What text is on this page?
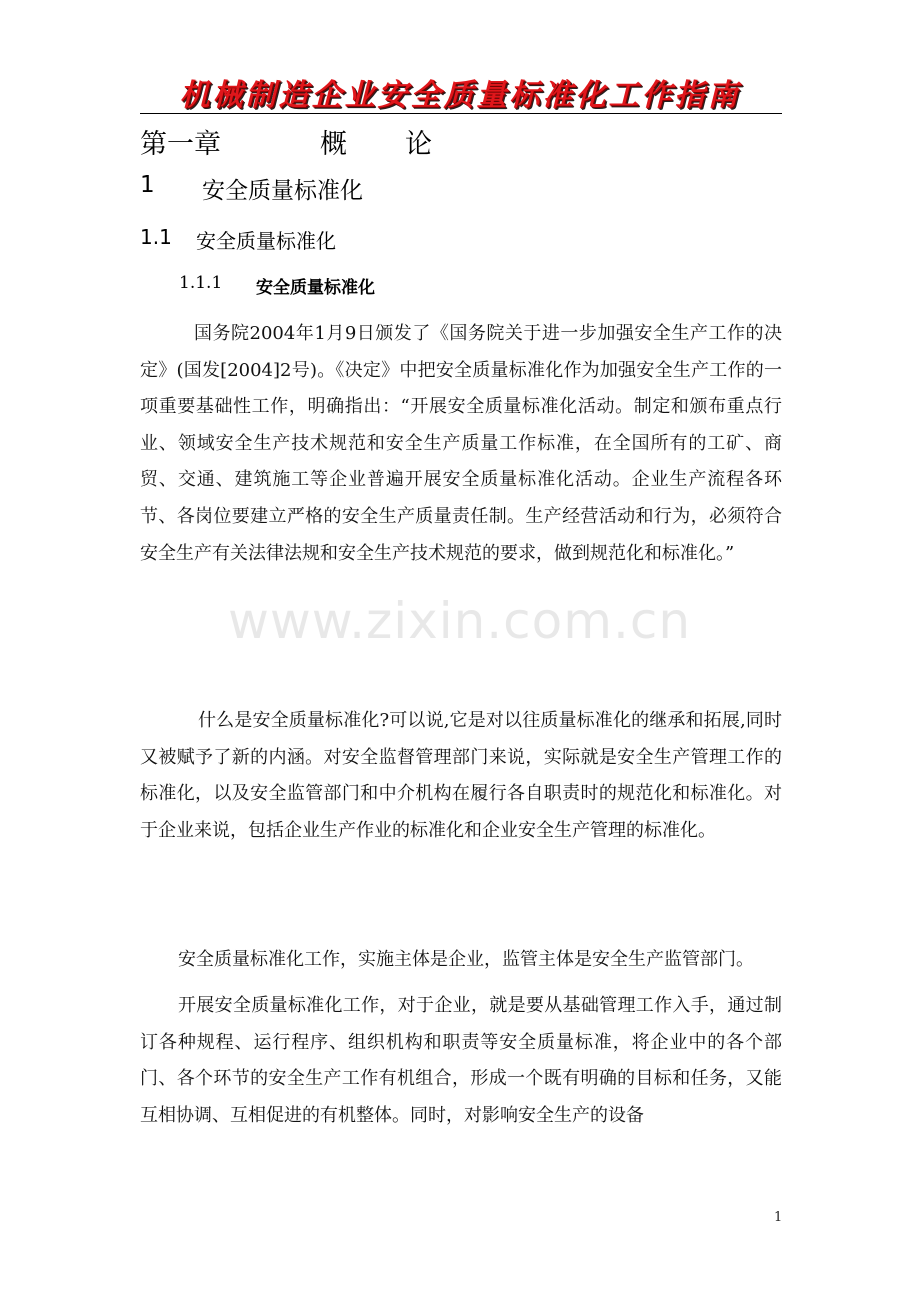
机械制造企业安全质量标准化工作指南
第一章	概论
1	安全质量标准化
1.1	安全质量标准化
1.1.1	安全质量标准化
www.zixin.com.cn

国务院2004年1月9日颁发了《国务院关于进一步加强安全生产工作的决定》(国发[2004]2号)。《决定》中把安全质量标准化作为加强安全生产工作的一项重要基础性工作，明确指出：“开展安全质量标准化活动。制定和颁布重点行业、领域安全生产技术规范和安全生产质量工作标准，在全国所有的工矿、商贸、交通、建筑施工等企业普遍开展安全质量标准化活动。企业生产流程各环节、各岗位要建立严格的安全生产质量责任制。生产经营活动和行为，必须符合安全生产有关法律法规和安全生产技术规范的要求，做到规范化和标准化。”

什么是安全质量标准化?可以说,它是对以往质量标准化的继承和拓展,同时又被赋予了新的内涵。对安全监督管理部门来说，实际就是安全生产管理工作的标准化，以及安全监管部门和中介机构在履行各自职责时的规范化和标准化。对于企业来说，包括企业生产作业的标准化和企业安全生产管理的标准化。

安全质量标准化工作，实施主体是企业，监管主体是安全生产监管部门。

开展安全质量标准化工作，对于企业，就是要从基础管理工作入手，通过制订各种规程、运行程序、组织机构和职责等安全质量标准，将企业中的各个部门、各个环节的安全生产工作有机组合，形成一个既有明确的目标和任务，又能互相协调、互相促进的有机整体。同时，对影响安全生产的设备

1
